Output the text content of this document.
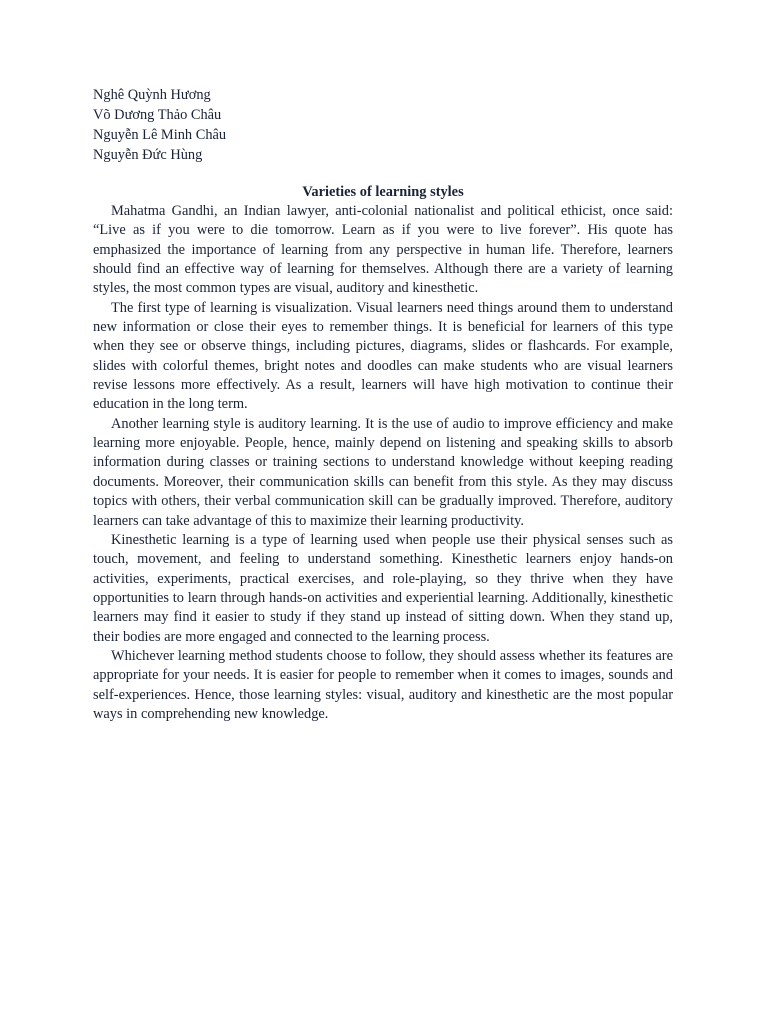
Nghê Quỳnh Hương
Võ Dương Thảo Châu
Nguyễn Lê Minh Châu
Nguyễn Đức Hùng
Varieties of learning styles

Mahatma Gandhi, an Indian lawyer, anti-colonial nationalist and political ethicist, once said: “Live as if you were to die tomorrow. Learn as if you were to live forever”. His quote has emphasized the importance of learning from any perspective in human life. Therefore, learners should find an effective way of learning for themselves. Although there are a variety of learning styles, the most common types are visual, auditory and kinesthetic.

The first type of learning is visualization. Visual learners need things around them to understand new information or close their eyes to remember things. It is beneficial for learners of this type when they see or observe things, including pictures, diagrams, slides or flashcards. For example, slides with colorful themes, bright notes and doodles can make students who are visual learners revise lessons more effectively. As a result, learners will have high motivation to continue their education in the long term.

Another learning style is auditory learning. It is the use of audio to improve efficiency and make learning more enjoyable. People, hence, mainly depend on listening and speaking skills to absorb information during classes or training sections to understand knowledge without keeping reading documents. Moreover, their communication skills can benefit from this style. As they may discuss topics with others, their verbal communication skill can be gradually improved. Therefore, auditory learners can take advantage of this to maximize their learning productivity.

Kinesthetic learning is a type of learning used when people use their physical senses such as touch, movement, and feeling to understand something. Kinesthetic learners enjoy hands-on activities, experiments, practical exercises, and role-playing, so they thrive when they have opportunities to learn through hands-on activities and experiential learning. Additionally, kinesthetic learners may find it easier to study if they stand up instead of sitting down. When they stand up, their bodies are more engaged and connected to the learning process.

Whichever learning method students choose to follow, they should assess whether its features are appropriate for your needs. It is easier for people to remember when it comes to images, sounds and self-experiences. Hence, those learning styles: visual, auditory and kinesthetic are the most popular ways in comprehending new knowledge.
